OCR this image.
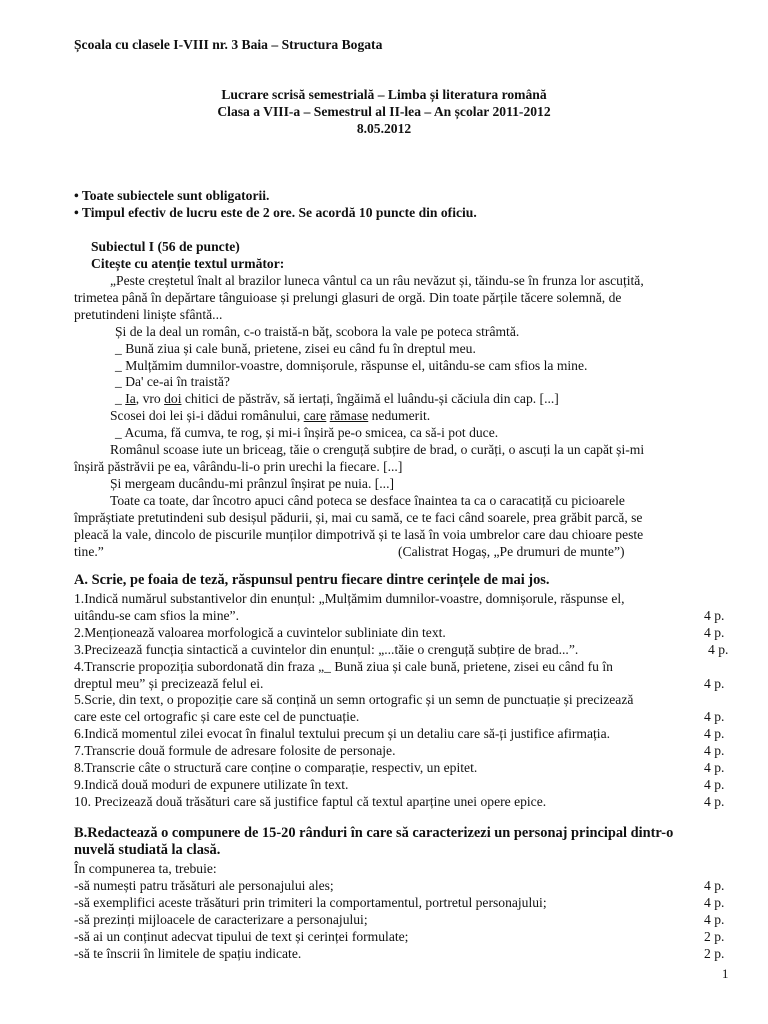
Școala cu clasele I-VIII nr. 3 Baia – Structura Bogata
Lucrare scrisă semestrială – Limba și literatura română
Clasa a VIII-a – Semestrul al II-lea – An școlar 2011-2012
8.05.2012
• Toate subiectele sunt obligatorii.
• Timpul efectiv de lucru este de 2 ore. Se acordă 10 puncte din oficiu.
Subiectul I (56 de puncte)
Citește cu atenție textul următor:
„Peste creștetul înalt al brazilor luneca vântul ca un râu nevăzut și, tăindu-se în frunza lor ascuțită,
trimetea până în depărtare tânguioase și prelungi glasuri de orgă. Din toate părțile tăcere solemnă, de
pretutindeni liniște sfântă...
Și de la deal un român, c-o traistă-n băț, scobora la vale pe poteca strâmtă.
_ Bună ziua și cale bună, prietene, zisei eu când fu în dreptul meu.
_ Mulțămim dumnilor-voastre, domnișorule, răspunse el, uitându-se cam sfios la mine.
_ Da' ce-ai în traistă?
_ Ia, vro doi chitici de păstrăv, să iertați, îngăimă el luându-și căciula din cap. [...]
Scosei doi lei și-i dădui românului, care rămase nedumerit.
_ Acuma, fă cumva, te rog, și mi-i înșiră pe-o smicea, ca să-i pot duce.
Românul scoase iute un briceag, tăie o crenguță subțire de brad, o curăți, o ascuți la un capăt și-mi
înșiră păstrăvii pe ea, vârându-li-o prin urechi la fiecare. [...]
Și mergeam ducându-mi prânzul înșirat pe nuia. [...]
Toate ca toate, dar încotro apuci când poteca se desface înaintea ta ca o caracatiță cu picioarele
împrăștiate pretutindeni sub desișul pădurii, și, mai cu samă, ce te faci când soarele, prea grăbit parcă, se
pleacă la vale, dincolo de piscurile munților dimpotrivă și te lasă în voia umbrelor care dau chioare peste
tine.”	(Calistrat Hogaș, „Pe drumuri de munte”)
A. Scrie, pe foaia de teză, răspunsul pentru fiecare dintre cerințele de mai jos.
1.Indică numărul substantivelor din enunțul: „Mulțămim dumnilor-voastre, domnișorule, răspunse el,
uitându-se cam sfios la mine”.	4 p.
2.Menționează valoarea morfologică a cuvintelor subliniate din text.	4 p.
3.Precizează funcția sintactică a cuvintelor din enunțul: „...tăie o crenguță subțire de brad...”.	4 p.
4.Transcrie propoziția subordonată din fraza „_ Bună ziua și cale bună, prietene, zisei eu când fu în
dreptul meu” și precizează felul ei.	4 p.
5.Scrie, din text, o propoziție care să conțină un semn ortografic și un semn de punctuație și precizează
care este cel ortografic și care este cel de punctuație.	4 p.
6.Indică momentul zilei evocat în finalul textului precum și un detaliu care să-ți justifice afirmația.	4 p.
7.Transcrie două formule de adresare folosite de personaje.	4 p.
8.Transcrie câte o structură care conține o comparație, respectiv, un epitet.	4 p.
9.Indică două moduri de expunere utilizate în text.	4 p.
10. Precizează două trăsături care să justifice faptul că textul aparține unei opere epice.	4 p.
B.Redactează o compunere de 15-20 rânduri în care să caracterizezi un personaj principal dintr-o
nuvelă studiată la clasă.
În compunerea ta, trebuie:
-să numești patru trăsături ale personajului ales;	4 p.
-să exemplifici aceste trăsături prin trimiteri la comportamentul, portretul personajului;	4 p.
-să prezinți mijloacele de caracterizare a personajului;	4 p.
-să ai un conținut adecvat tipului de text și cerinței formulate;	2 p.
-să te înscrii în limitele de spațiu indicate.	2 p.
1
